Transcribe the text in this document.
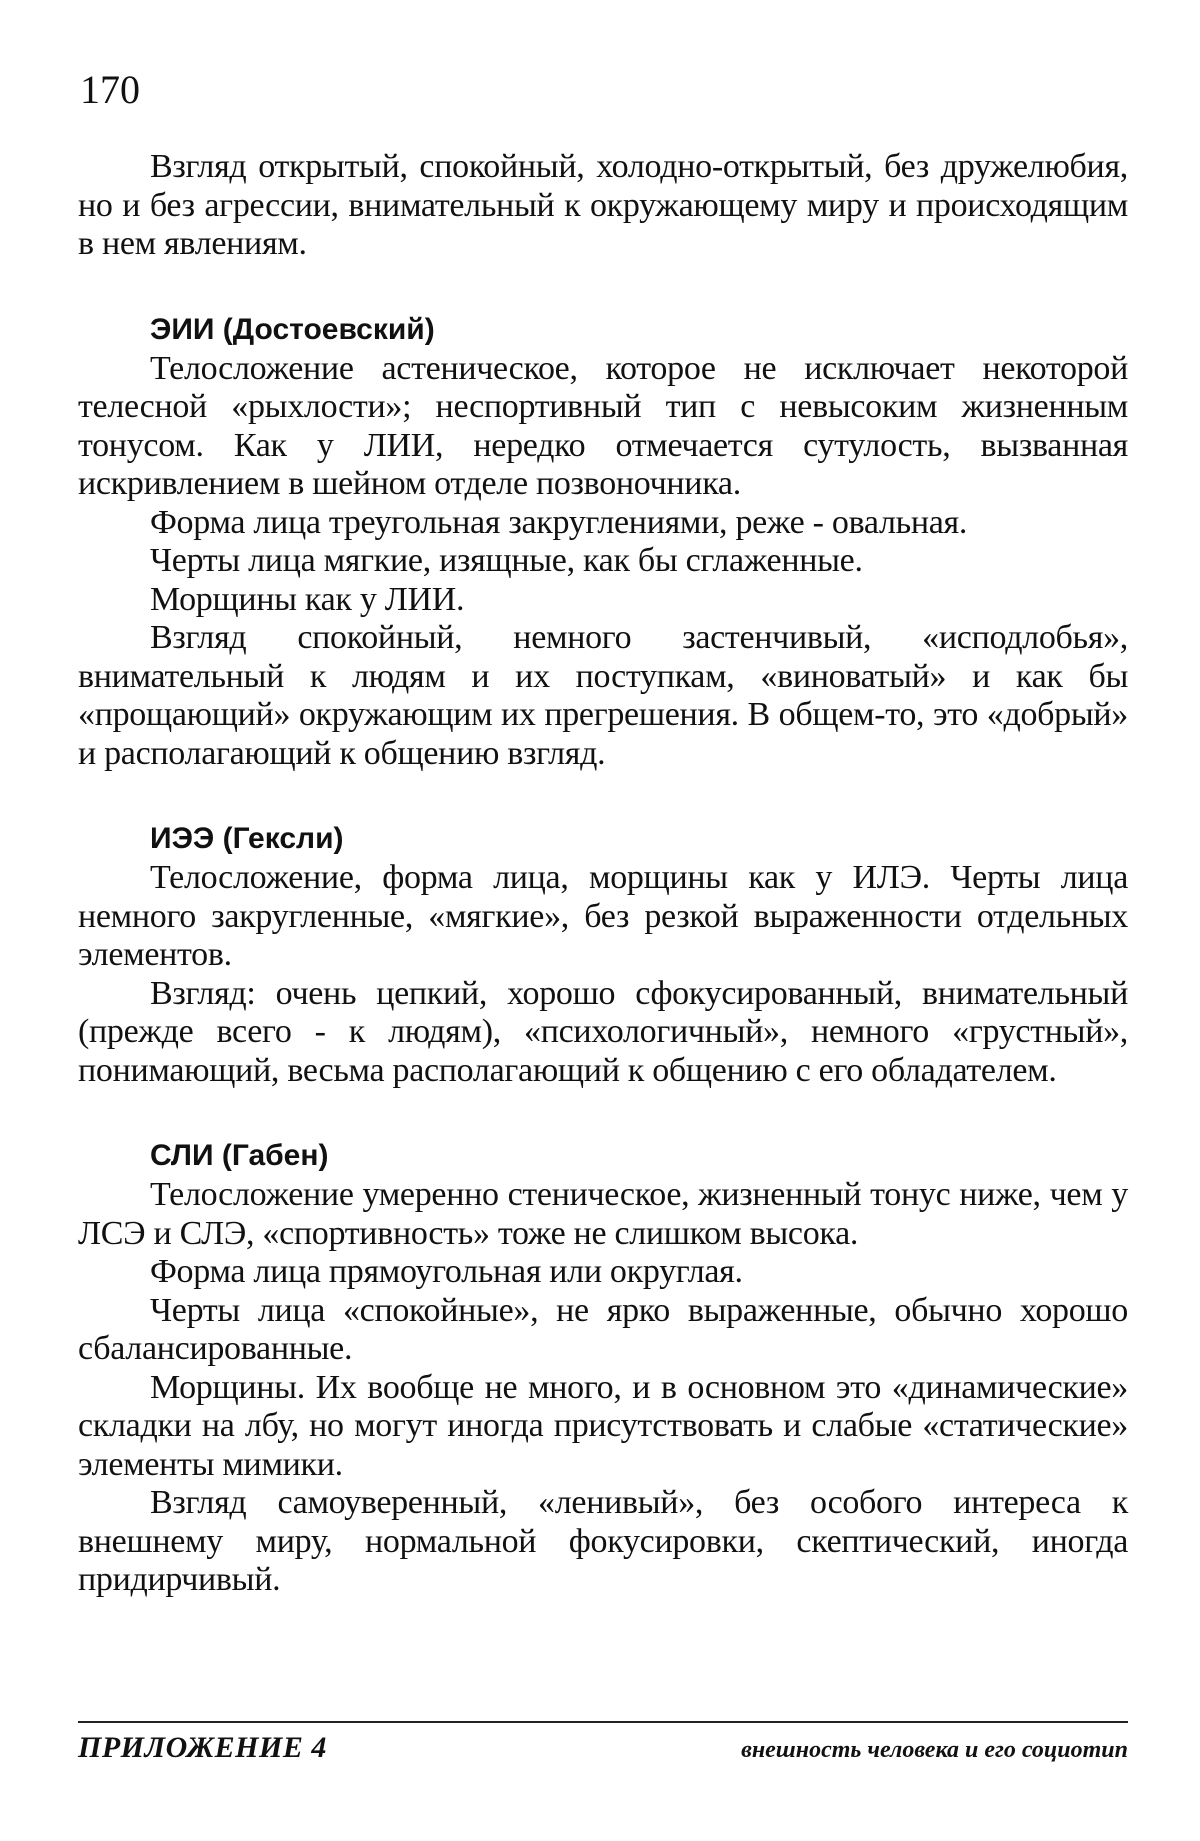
170

Взгляд открытый, спокойный, холодно-открытый, без дружелюбия, но и без агрессии, внимательный к окружающему миру и происходящим в нем явлениям.

ЭИИ (Достоевский)

Телосложение астеническоe, которое не исключает некоторой телесной «рыхлости»; неспортивный тип с невысоким жизненным тонусом. Как у ЛИИ, нередко отмечается сутулость, вызванная искривлением в шейном отделе позвоночника.

Форма лица треугольная закруглениями, реже - овальная.

Черты лица мягкие, изящные, как бы сглаженные.

Морщины как у ЛИИ.

Взгляд спокойный, немного застенчивый, «исподлобья», внимательный к людям и их поступкам, «виноватый» и как бы «прощающий» окружающим их прегрешения. В общем-то, это «добрый» и располагающий к общению взгляд.

ИЭЭ (Гексли)

Телосложение, форма лица, морщины как у ИЛЭ. Черты лица немного закругленные, «мягкие», без резкой выраженности отдельных элементов.

Взгляд: очень цепкий, хорошо сфокусированный, внимательный (прежде всего - к людям), «психологичный», немного «грустный», понимающий, весьма располагающий к общению с его обладателем.

СЛИ (Габен)

Телосложение умеренно стеническое, жизненный тонус ниже, чем у ЛСЭ и СЛЭ, «спортивность» тоже не слишком высока.

Форма лица прямоугольная или округлая.

Черты лица «спокойные», не ярко выраженные, обычно хорошо сбалансированные.

Морщины. Их вообще не много, и в основном это «динамические» складки на лбу, но могут иногда присутствовать и слабые «статические» элементы мимики.

Взгляд самоуверенный, «ленивый», без особого интереса к внешнему миру, нормальной фокусировки, скептический, иногда придирчивый.

ПРИЛОЖЕНИЕ 4	внешность человека и его социотип
